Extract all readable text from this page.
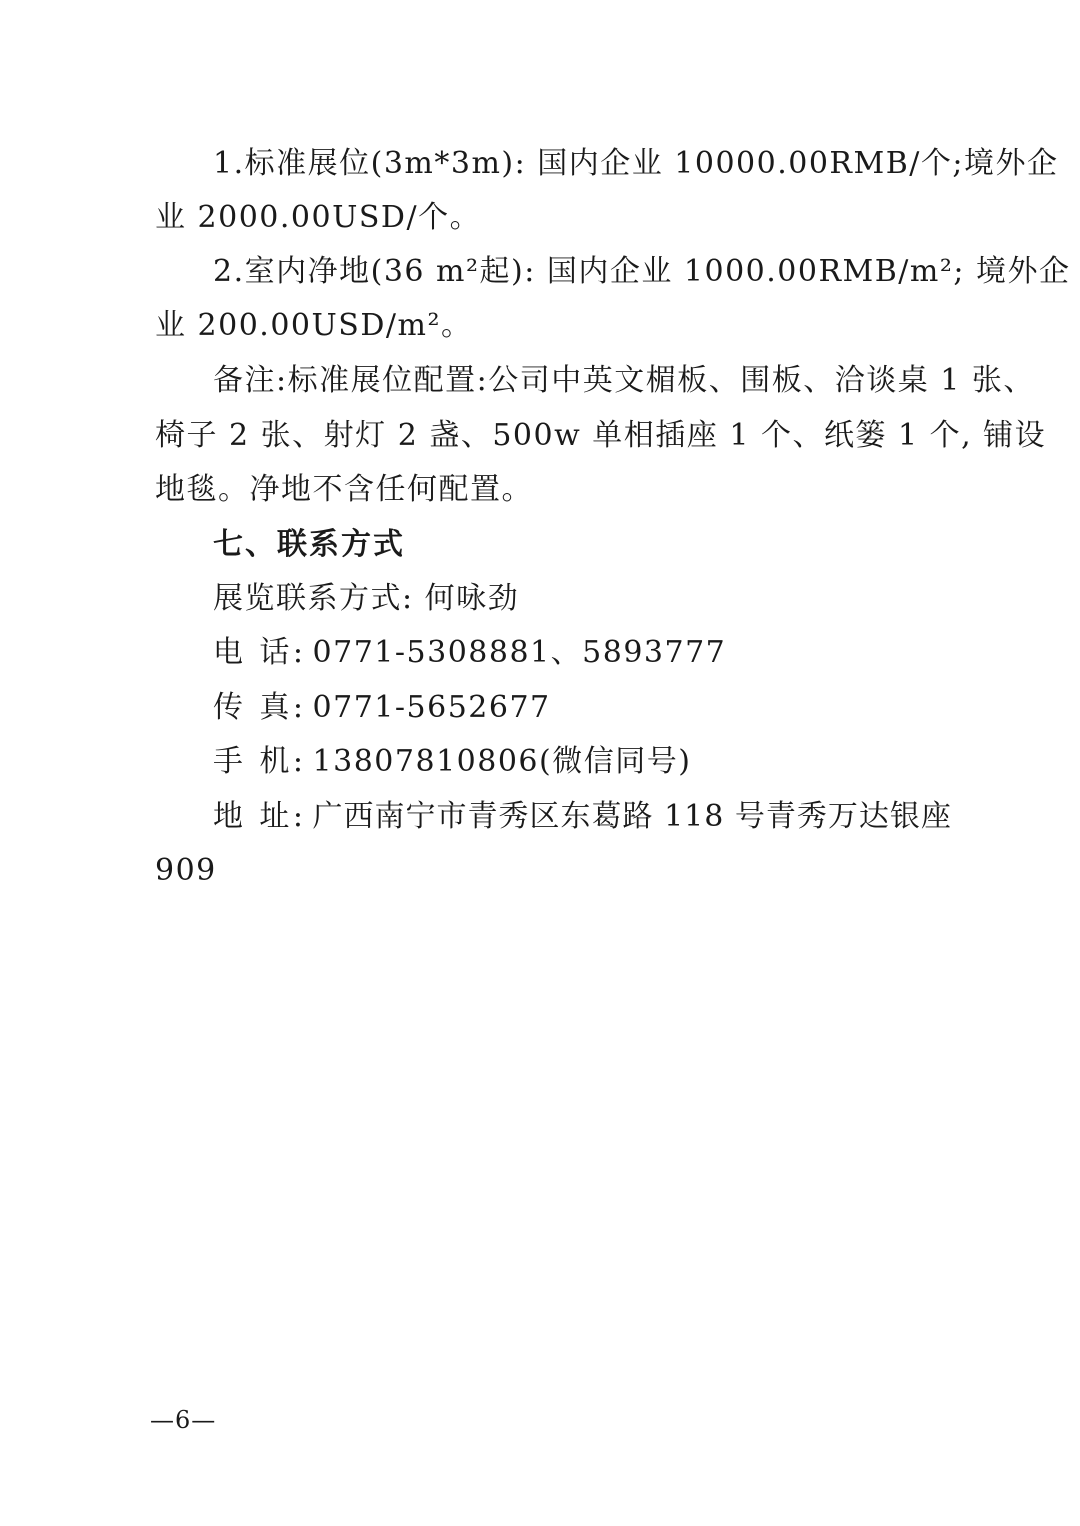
1.标准展位(3m*3m): 国内企业 10000.00RMB/个;境外企
业 2000.00USD/个。
2.室内净地(36 m²起): 国内企业 1000.00RMB/m²; 境外企
业 200.00USD/m²。
备注:标准展位配置:公司中英文楣板、围板、洽谈桌 1 张、
椅子 2 张、射灯 2 盏、500w 单相插座 1 个、纸篓 1 个, 铺设
地毯。净地不含任何配置。
七、联系方式
展览联系方式: 何咏劲
电 话: 0771-5308881、5893777
传 真: 0771-5652677
手 机: 13807810806(微信同号)
地 址: 广西南宁市青秀区东葛路 118 号青秀万达银座
909
—6—
